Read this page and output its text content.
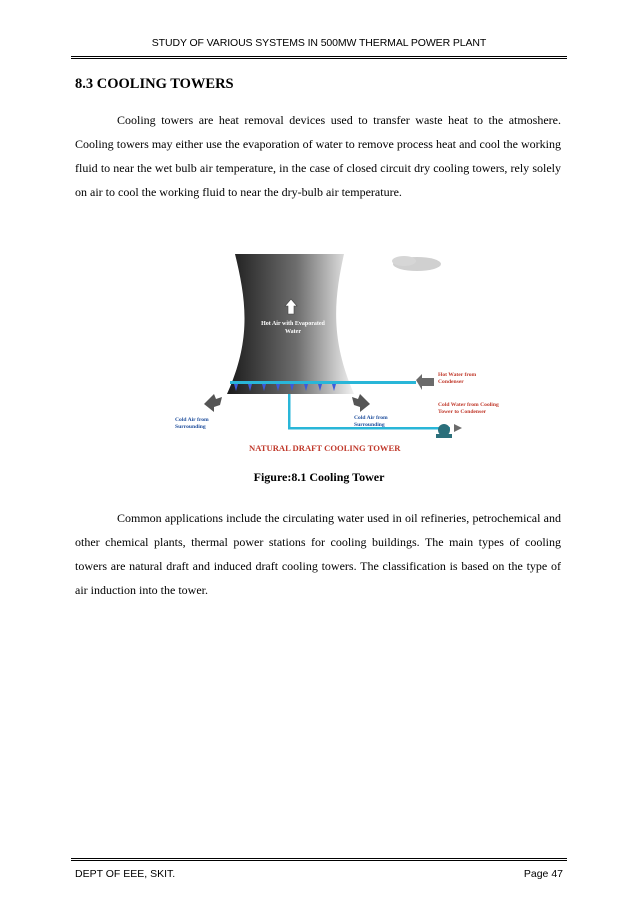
STUDY OF VARIOUS SYSTEMS IN 500MW THERMAL POWER PLANT
8.3 COOLING TOWERS

Cooling towers are heat removal devices used to transfer waste heat to the atmoshere. Cooling towers may either use the evaporation of water to remove process heat and cool the working fluid to near the wet bulb air temperature, in the case of closed circuit dry cooling towers, rely solely on air to cool the working fluid to near the dry-bulb air temperature.

Hot Air with Evaporated
Water
Hot Water from
Condenser
Cold Water from Cooling
Tower to Condenser
Cold Air from
Surrounding
Cold Air from
Surrounding
NATURAL DRAFT COOLING TOWER
Figure:8.1 Cooling Tower

Common applications include the circulating water used in oil refineries, petrochemical and other chemical plants, thermal power stations for cooling buildings. The main types of cooling towers are natural draft and induced draft cooling towers. The classification is based on the type of air induction into the tower.

DEPT OF EEE, SKIT.	Page 47
